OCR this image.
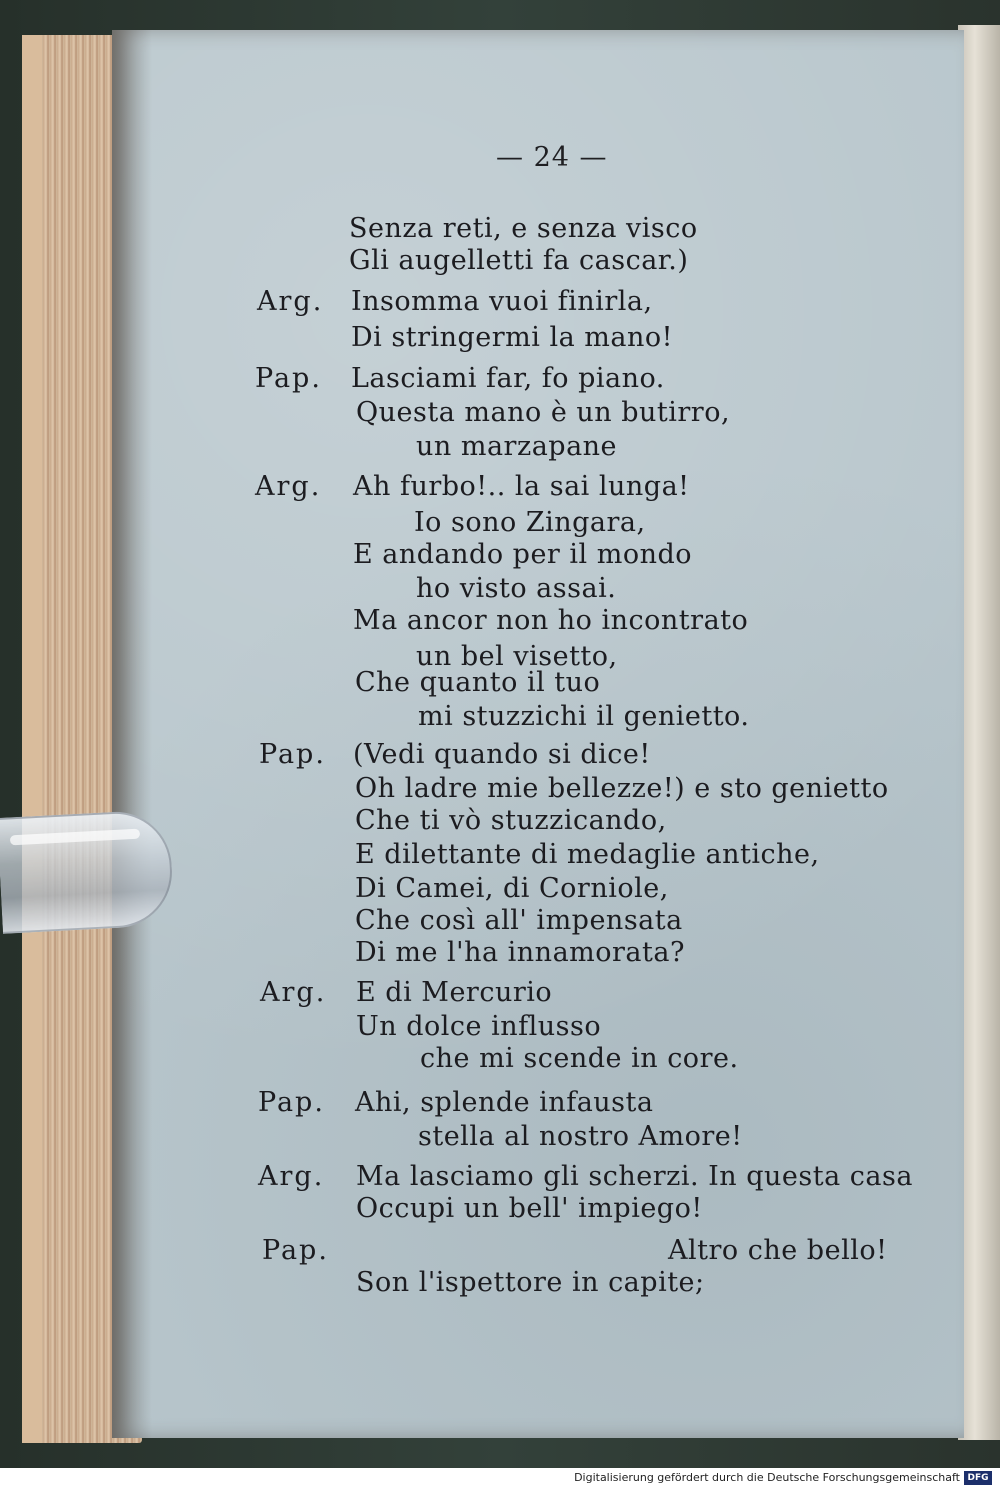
— 24 —
Senza reti, e senza visco
Gli augelletti fa cascar.)
Arg. Insomma vuoi finirla,
Di stringermi la mano!
Pap. Lasciami far, fo piano.
Questa mano è un butirro,
un marzapane
Arg. Ah furbo!.. la sai lunga!
Io sono Zingara,
E andando per il mondo
ho visto assai.
Ma ancor non ho incontrato
un bel visetto,
Che quanto il tuo
mi stuzzichi il genietto.
Pap. (Vedi quando si dice!
Oh ladre mie bellezze!) e sto genietto
Che ti vò stuzzicando,
E dilettante di medaglie antiche,
Di Camei, di Corniole,
Che così all' impensata
Di me l'ha innamorata?
Arg. E di Mercurio
Un dolce influsso
che mi scende in core.
Pap. Ahi, splende infausta
stella al nostro Amore!
Arg. Ma lasciamo gli scherzi. In questa casa
Occupi un bell' impiego!
Pap.	Altro che bello!
Son l'ispettore in capite;
Digitalisierung gefördert durch die Deutsche Forschungsgemeinschaft DFG
